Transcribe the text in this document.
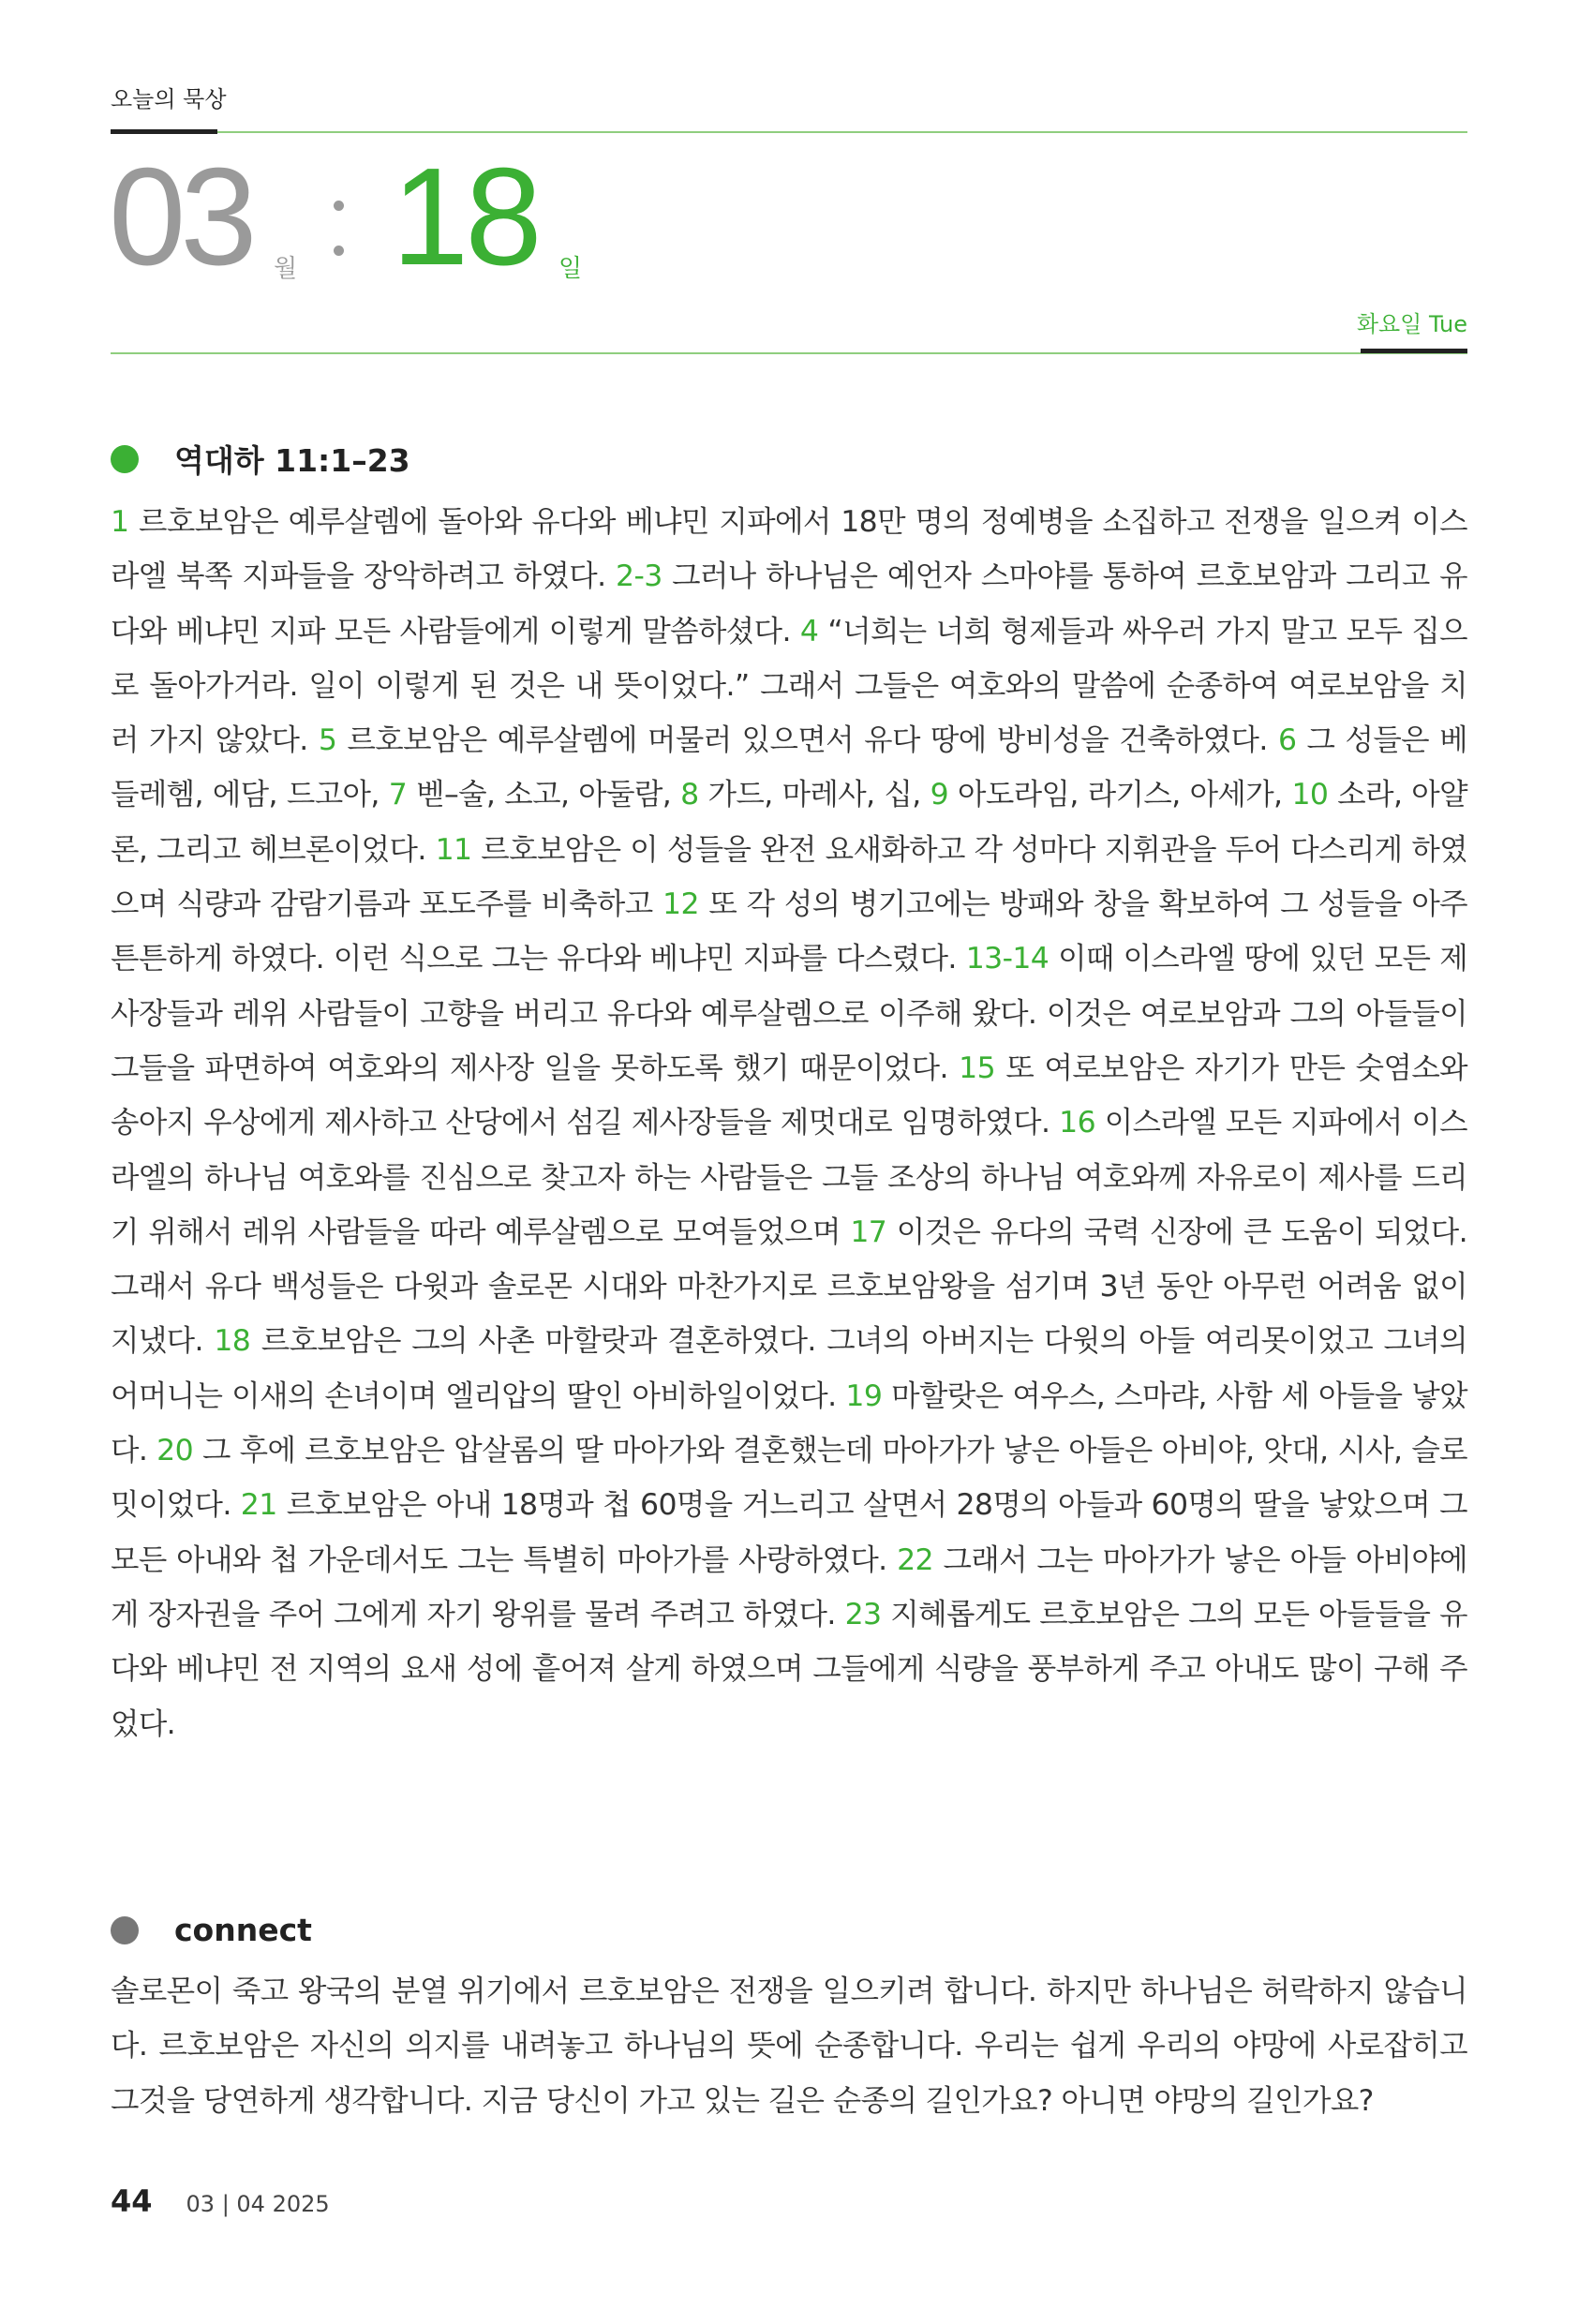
오늘의 묵상
03 월 18 일
화요일 Tue
역대하 11:1–23
1 르호보암은 예루살렘에 돌아와 유다와 베냐민 지파에서 18만 명의 정예병을 소집하고 전쟁을 일으켜 이스라엘 북쪽 지파들을 장악하려고 하였다. 2-3 그러나 하나님은 예언자 스마야를 통하여 르호보암과 그리고 유다와 베냐민 지파 모든 사람들에게 이렇게 말씀하셨다. 4 “너희는 너희 형제들과 싸우러 가지 말고 모두 집으로 돌아가거라. 일이 이렇게 된 것은 내 뜻이었다.” 그래서 그들은 여호와의 말씀에 순종하여 여로보암을 치러 가지 않았다. 5 르호보암은 예루살렘에 머물러 있으면서 유다 땅에 방비성을 건축하였다. 6 그 성들은 베들레헴, 에담, 드고아, 7 벧–술, 소고, 아둘람, 8 가드, 마레사, 십, 9 아도라임, 라기스, 아세가, 10 소라, 아얄론, 그리고 헤브론이었다. 11 르호보암은 이 성들을 완전 요새화하고 각 성마다 지휘관을 두어 다스리게 하였으며 식량과 감람기름과 포도주를 비축하고 12 또 각 성의 병기고에는 방패와 창을 확보하여 그 성들을 아주 튼튼하게 하였다. 이런 식으로 그는 유다와 베냐민 지파를 다스렸다. 13-14 이때 이스라엘 땅에 있던 모든 제사장들과 레위 사람들이 고향을 버리고 유다와 예루살렘으로 이주해 왔다. 이것은 여로보암과 그의 아들들이 그들을 파면하여 여호와의 제사장 일을 못하도록 했기 때문이었다. 15 또 여로보암은 자기가 만든 숫염소와 송아지 우상에게 제사하고 산당에서 섬길 제사장들을 제멋대로 임명하였다. 16 이스라엘 모든 지파에서 이스라엘의 하나님 여호와를 진심으로 찾고자 하는 사람들은 그들 조상의 하나님 여호와께 자유로이 제사를 드리기 위해서 레위 사람들을 따라 예루살렘으로 모여들었으며 17 이것은 유다의 국력 신장에 큰 도움이 되었다. 그래서 유다 백성들은 다윗과 솔로몬 시대와 마찬가지로 르호보암왕을 섬기며 3년 동안 아무런 어려움 없이 지냈다. 18 르호보암은 그의 사촌 마할랏과 결혼하였다. 그녀의 아버지는 다윗의 아들 여리못이었고 그녀의 어머니는 이새의 손녀이며 엘리압의 딸인 아비하일이었다. 19 마할랏은 여우스, 스마랴, 사함 세 아들을 낳았다. 20 그 후에 르호보암은 압살롬의 딸 마아가와 결혼했는데 마아가가 낳은 아들은 아비야, 앗대, 시사, 슬로밋이었다. 21 르호보암은 아내 18명과 첩 60명을 거느리고 살면서 28명의 아들과 60명의 딸을 낳았으며 그 모든 아내와 첩 가운데서도 그는 특별히 마아가를 사랑하였다. 22 그래서 그는 마아가가 낳은 아들 아비야에게 장자권을 주어 그에게 자기 왕위를 물려 주려고 하였다. 23 지혜롭게도 르호보암은 그의 모든 아들들을 유다와 베냐민 전 지역의 요새 성에 흩어져 살게 하였으며 그들에게 식량을 풍부하게 주고 아내도 많이 구해 주었다.
connect
솔로몬이 죽고 왕국의 분열 위기에서 르호보암은 전쟁을 일으키려 합니다. 하지만 하나님은 허락하지 않습니다. 르호보암은 자신의 의지를 내려놓고 하나님의 뜻에 순종합니다. 우리는 쉽게 우리의 야망에 사로잡히고 그것을 당연하게 생각합니다. 지금 당신이 가고 있는 길은 순종의 길인가요? 아니면 야망의 길인가요?
44 03 | 04 2025
